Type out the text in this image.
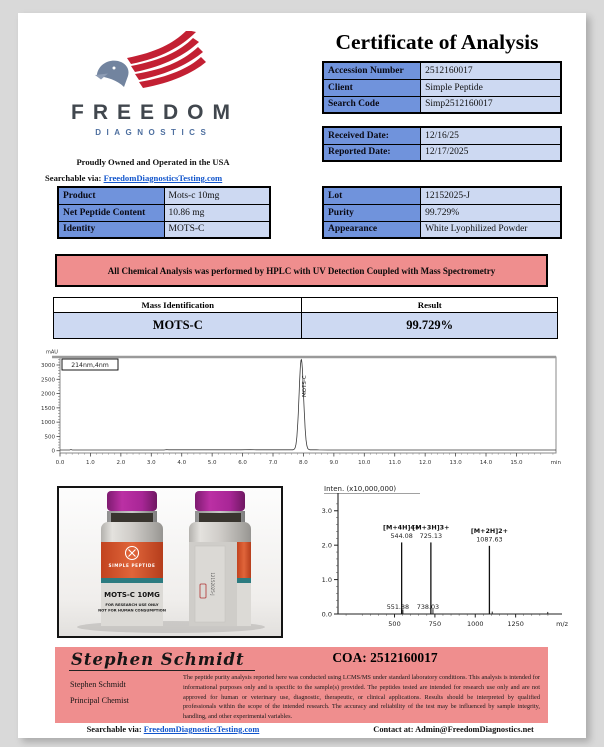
FREEDOM
DIAGNOSTICS
Proudly Owned and Operated in the USA
Searchable via: FreedomDiagnosticsTesting.com
Certificate of Analysis
Accession Number	2512160017
Client	Simple Peptide
Search Code	Simp2512160017
Received Date:	12/16/25
Reported Date:	12/17/2025
Product	Mots-c 10mg
Net Peptide Content	10.86 mg
Identity	MOTS-C
Lot	12152025-J
Purity	99.729%
Appearance	White Lyophilized Powder
All Chemical Analysis was performed by HPLC with UV Detection Coupled with Mass Spectrometry
Mass Identification	Result
MOTS-C	99.729%
mAU
0
500
1000
1500
2000
2500
3000
0.0	1.0	2.0	3.0	4.0	5.0	6.0	7.0	8.0	9.0	10.0	11.0	12.0	13.0	14.0	15.0	min
214nm,4nm
MOTS-C
SIMPLE PEPTIDE
MOTS-C 10MG
FOR RESEARCH USE ONLY
NOT FOR HUMAN CONSUMPTION
12152025-J
Inten. (x10,000,000)
0.0
1.0
2.0
3.0
500	750	1000	1250	m/z
[M+4H]4+
544.08
551.88
[M+3H]3+
725.13
738.03
[M+2H]2+
1087.63
Stephen Schmidt
Stephen Schmidt
Principal Chemist
COA: 2512160017
The peptide purity analysis reported here was conducted using LCMS/MS under standard laboratory conditions. This analysis is intended for informational purposes only and is specific to the sample(s) provided. The peptides tested are intended for research use only and are not approved for human or veterinary use, diagnostic, therapeutic, or clinical applications. Results should be interpreted by qualified professionals within the scope of the intended research. The accuracy and reliability of the test may be influenced by sample integrity, handling, and other experimental variables.
Searchable via: FreedomDiagnosticsTesting.com	Contact at: Admin@FreedomDiagnostics.net
